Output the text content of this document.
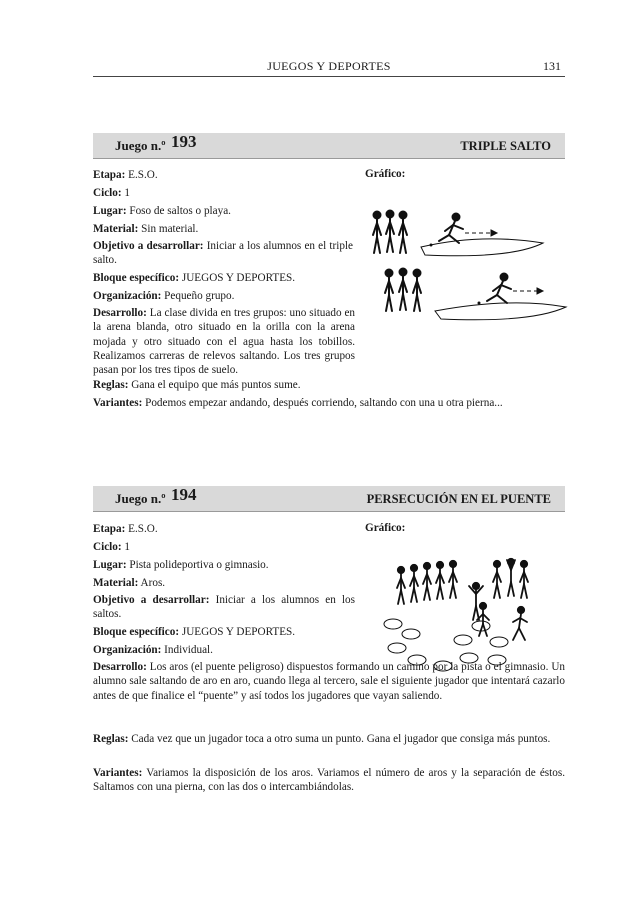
JUEGOS Y DEPORTES	131
Juego n.º 193	TRIPLE SALTO
Etapa: E.S.O.	Gráfico:
Ciclo: 1
Lugar: Foso de saltos o playa.
Material: Sin material.
Objetivo a desarrollar: Iniciar a los alumnos en el triple salto.
Bloque específico: JUEGOS Y DEPORTES.
Organización: Pequeño grupo.
Desarrollo: La clase divida en tres grupos: uno situado en la arena blanda, otro situado en la orilla con la arena mojada y otro situado con el agua hasta los tobillos. Realizamos carreras de relevos saltando. Los tres grupos pasan por los tres tipos de suelo.
Reglas: Gana el equipo que más puntos sume.
Variantes: Podemos empezar andando, después corriendo, saltando con una u otra pierna...
Juego n.º 194	PERSECUCIÓN EN EL PUENTE
Etapa: E.S.O.	Gráfico:
Ciclo: 1
Lugar: Pista polideportiva o gimnasio.
Material: Aros.
Objetivo a desarrollar: Iniciar a los alumnos en los saltos.
Bloque específico: JUEGOS Y DEPORTES.
Organización: Individual.
Desarrollo: Los aros (el puente peligroso) dispuestos formando un camino por la pista o el gimnasio. Un alumno sale saltando de aro en aro, cuando llega al tercero, sale el siguiente jugador que intentará cazarlo antes de que finalice el “puente” y así todos los jugadores que vayan saliendo.
Reglas: Cada vez que un jugador toca a otro suma un punto. Gana el jugador que consiga más puntos.
Variantes: Variamos la disposición de los aros. Variamos el número de aros y la separación de éstos. Saltamos con una pierna, con las dos o intercambiándolas.
